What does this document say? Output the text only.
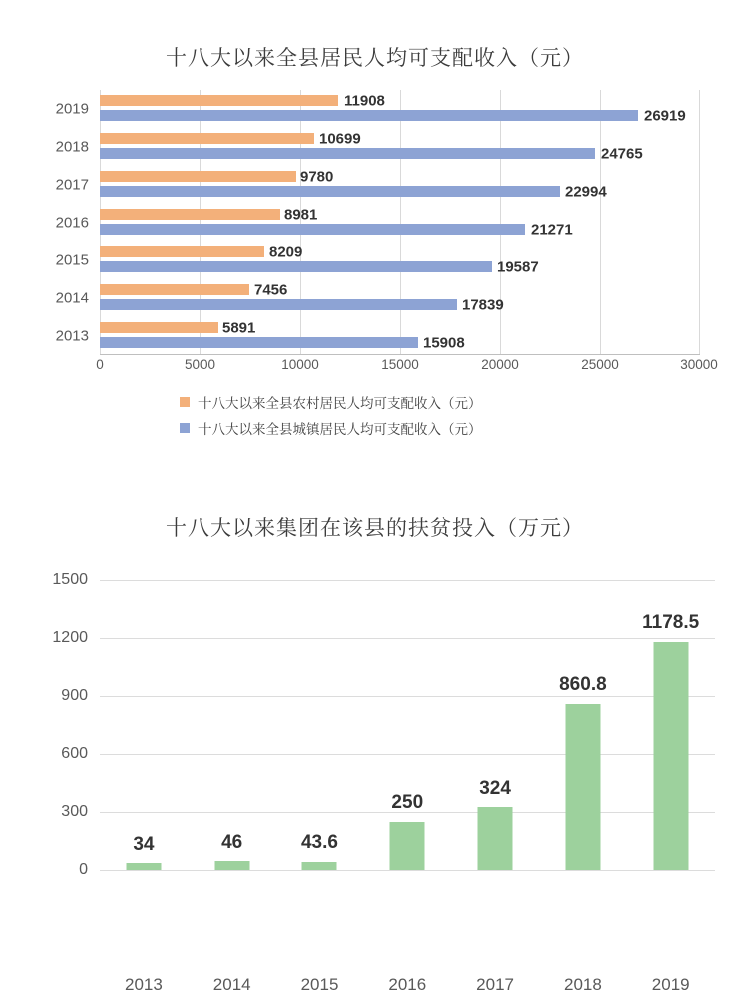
十八大以来全县居民人均可支配收入（元）
2019	11908
26919
2018	10699
24765
2017	9780
22994
2016	8981
21271
2015	8209
19587
2014	7456
17839
2013	5891
15908
0	5000	10000	15000	20000	25000	30000
十八大以来全县农村居民人均可支配收入（元）
十八大以来全县城镇居民人均可支配收入（元）
十八大以来集团在该县的扶贫投入（万元）
1500
1200
900
600
300
0
34
2013
46
2014
43.6
2015
250
2016
324
2017
860.8
2018
1178.5
2019
